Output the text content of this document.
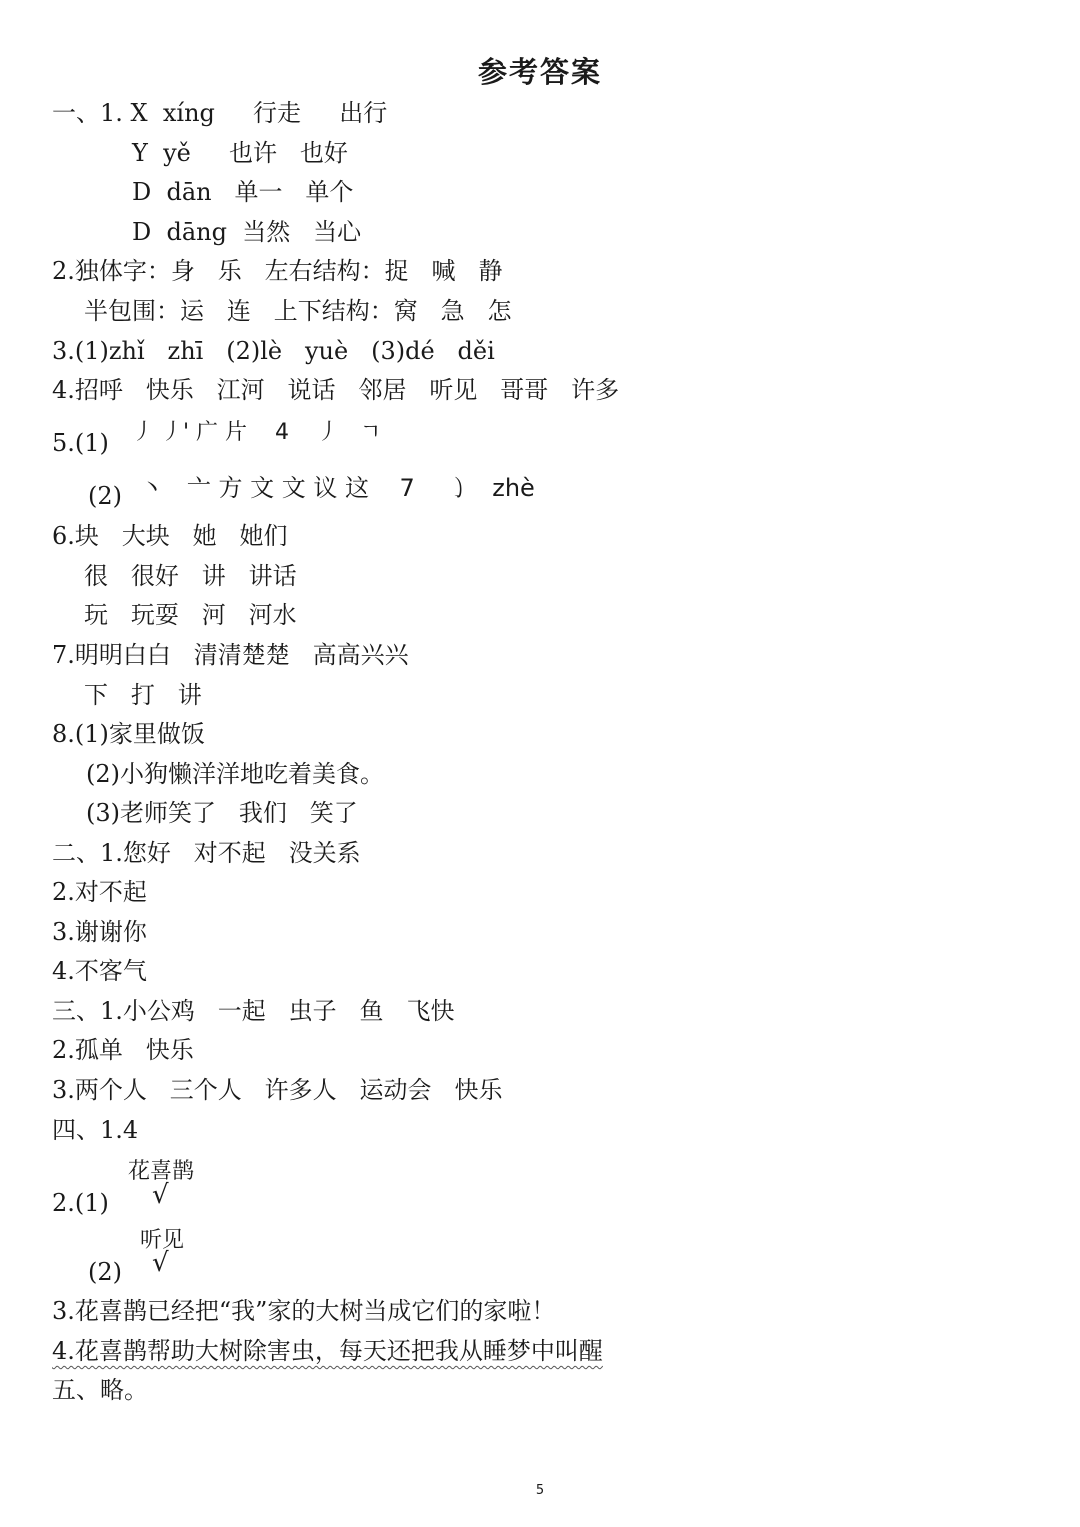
参考答案
一、1. X  xíng     行走     出行
Y  yě     也许   也好
D  dān   单一   单个
D  dāng  当然   当心
2.独体字：身   乐   左右结构：捉   喊   静
半包围：运   连   上下结构：窝   急   怎
3.(1)zhǐ   zhī   (2)lè   yuè   (3)dé   děi
4.招呼   快乐   江河   说话   邻居   听见   哥哥   许多
5.(1) 丿 丿' 广 片    4    丿   ㄱ
(2) 丶   亠 方 文 文 议 这    7    ㇁   zhè
6.块   大块   她   她们
很   很好   讲   讲话
玩   玩耍   河   河水
7.明明白白   清清楚楚   高高兴兴
下   打   讲
8.(1)家里做饭
(2)小狗懒洋洋地吃着美食。
(3)老师笑了   我们   笑了
二、1.您好   对不起   没关系
2.对不起
3.谢谢你
4.不客气
三、1.小公鸡   一起   虫子   鱼   飞快
2.孤单   快乐
3.两个人   三个人   许多人   运动会   快乐
四、1.4
花喜鹊
2.(1) √
听见
(2) √
3.花喜鹊已经把“我”家的大树当成它们的家啦！
4.花喜鹊帮助大树除害虫，每天还把我从睡梦中叫醒
五、略。
5
